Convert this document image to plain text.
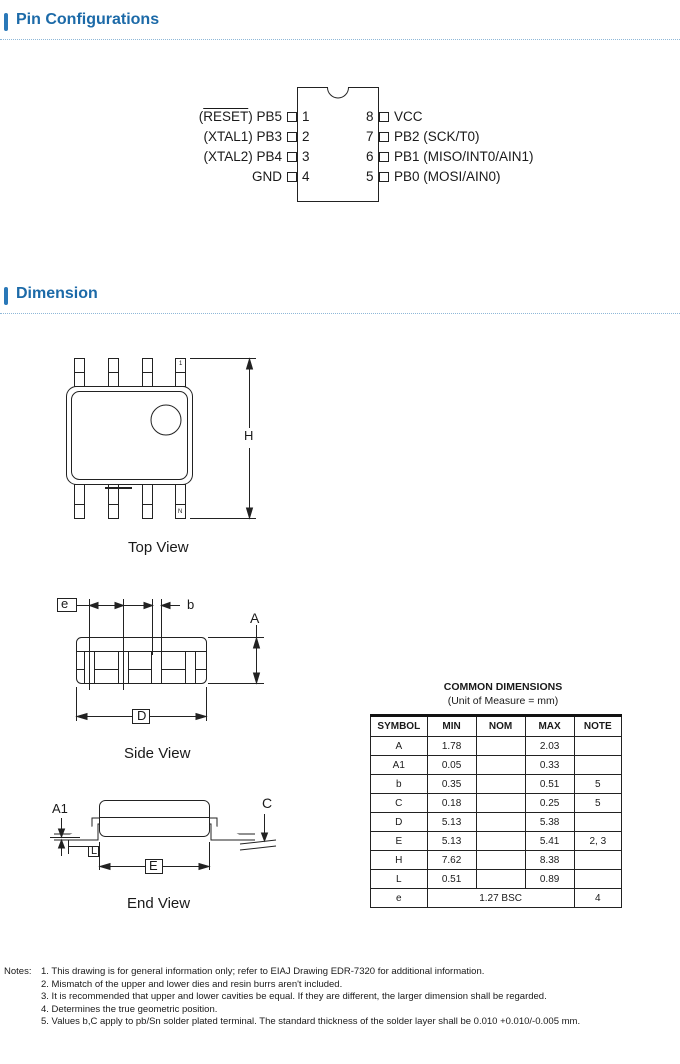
Pin Configurations
(RESET) PB5
(XTAL1) PB3
(XTAL2) PB4
GND
1
2
3
4
8
7
6
5
VCC
PB2 (SCK/T0)
PB1 (MISO/INT0/AIN1)
PB0 (MOSI/AIN0)
Dimension
1
N
H
Top View
e	b
A
D
Side View
A1	C
L
E
End View
COMMON DIMENSIONS
(Unit of Measure = mm)
SYMBOL	MIN	NOM	MAX	NOTE
A	1.78		2.03	
A1	0.05		0.33	
b	0.35		0.51	5
C	0.18		0.25	5
D	5.13		5.38	
E	5.13		5.41	2, 3
H	7.62		8.38	
L	0.51		0.89	
e	1.27 BSC			4
Notes: 1. This drawing is for general information only; refer to EIAJ Drawing EDR-7320 for additional information.
2. Mismatch of the upper and lower dies and resin burrs aren't included.
3. It is recommended that upper and lower cavities be equal. If they are different, the larger dimension shall be regarded.
4. Determines the true geometric position.
5. Values b,C apply to pb/Sn solder plated terminal. The standard thickness of the solder layer shall be 0.010 +0.010/-0.005 mm.
